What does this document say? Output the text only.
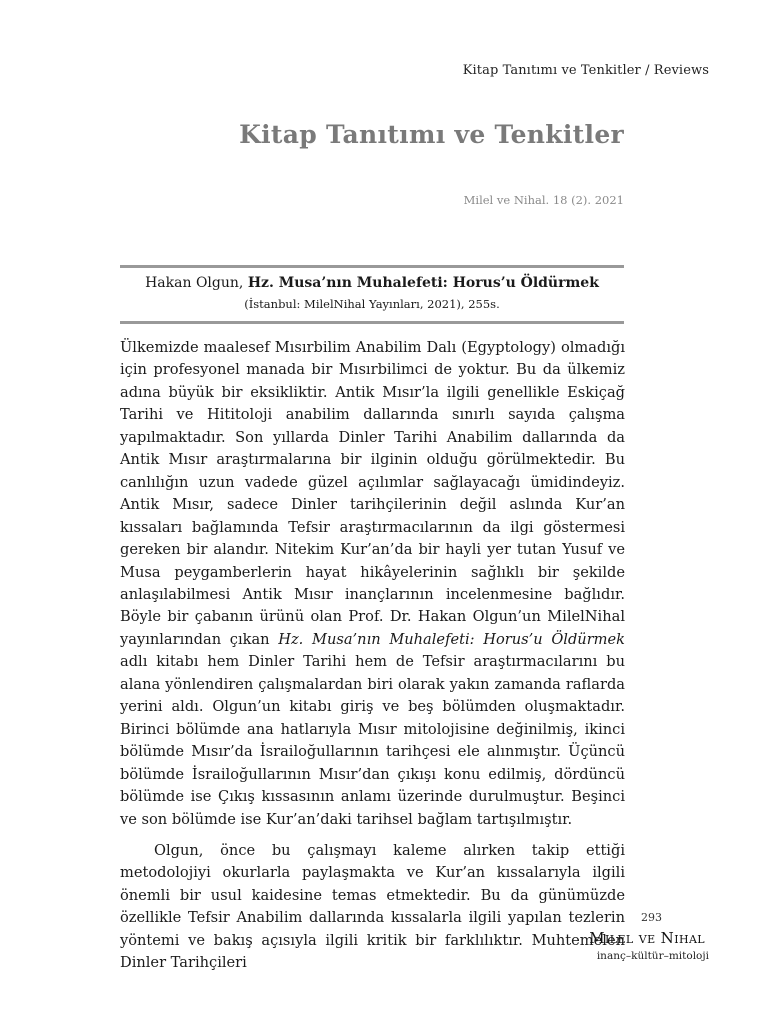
Kitap Tanıtımı ve Tenkitler / Reviews
Kitap Tanıtımı ve Tenkitler
Milel ve Nihal. 18 (2). 2021
Hakan Olgun, Hz. Musa’nın Muhalefeti: Horus’u Öldürmek
(İstanbul: MilelNihal Yayınları, 2021), 255s.

Ülkemizde maalesef Mısırbilim Anabilim Dalı (Egyptology) olmadığı için profesyonel manada bir Mısırbilimci de yoktur. Bu da ülkemiz adına büyük bir eksikliktir. Antik Mısır’la ilgili genellikle Eskiçağ Tarihi ve Hititoloji anabilim dallarında sınırlı sayıda çalışma yapılmaktadır. Son yıllarda Dinler Tarihi Anabilim dallarında da Antik Mısır araştırmalarına bir ilginin olduğu görülmektedir. Bu canlılığın uzun vadede güzel açılımlar sağlayacağı ümidindeyiz. Antik Mısır, sadece Dinler tarihçilerinin değil aslında Kur’an kıssaları bağlamında Tefsir araştırmacılarının da ilgi göstermesi gereken bir alandır. Nitekim Kur’an’da bir hayli yer tutan Yusuf ve Musa peygamberlerin hayat hikâyelerinin sağlıklı bir şekilde anlaşılabilmesi Antik Mısır inançlarının incelenmesine bağlıdır. Böyle bir çabanın ürünü olan Prof. Dr. Hakan Olgun’un MilelNihal yayınlarından çıkan Hz. Musa’nın Muhalefeti: Horus’u Öldürmek adlı kitabı hem Dinler Tarihi hem de Tefsir araştırmacılarını bu alana yönlendiren çalışmalardan biri olarak yakın zamanda raflarda yerini aldı. Olgun’un kitabı giriş ve beş bölümden oluşmaktadır. Birinci bölümde ana hatlarıyla Mısır mitolojisine değinilmiş, ikinci bölümde Mısır’da İsrailoğullarının tarihçesi ele alınmıştır. Üçüncü bölümde İsrailoğullarının Mısır’dan çıkışı konu edilmiş, dördüncü bölümde ise Çıkış kıssasının anlamı üzerinde durulmuştur. Beşinci ve son bölümde ise Kur’an’daki tarihsel bağlam tartışılmıştır.

Olgun, önce bu çalışmayı kaleme alırken takip ettiği metodolojiyi okurlarla paylaşmakta ve Kur’an kıssalarıyla ilgili önemli bir usul kaidesine temas etmektedir. Bu da günümüzde özellikle Tefsir Anabilim dallarında kıssalarla ilgili yapılan tezlerin yöntemi ve bakış açısıyla ilgili kritik bir farklılıktır. Muhtemelen Dinler Tarihçileri

293
Milel ve Nihal
inanç–kültür–mitoloji
